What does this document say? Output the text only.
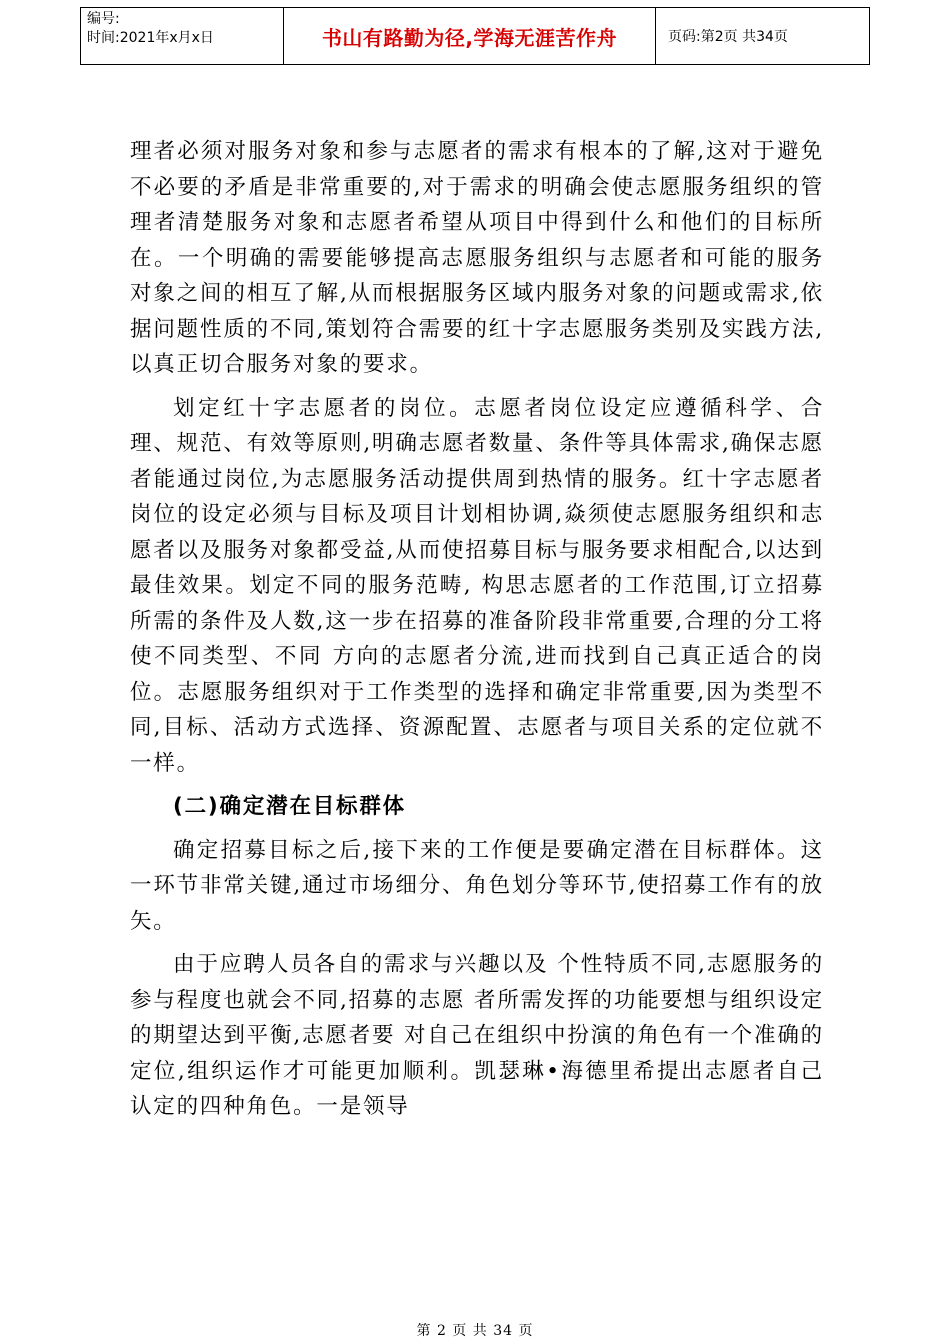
编号:
时间:2021年x月x日	书山有路勤为径,学海无涯苦作舟	页码:第2页 共34页

理者必须对服务对象和参与志愿者的需求有根本的了解,这对于避免不必要的矛盾是非常重要的,对于需求的明确会使志愿服务组织的管理者清楚服务对象和志愿者希望从项目中得到什么和他们的目标所在。一个明确的需要能够提高志愿服务组织与志愿者和可能的服务对象之间的相互了解,从而根据服务区域内服务对象的问题或需求,依据问题性质的不同,策划符合需要的红十字志愿服务类别及实践方法,以真正切合服务对象的要求。

划定红十字志愿者的岗位。志愿者岗位设定应遵循科学、合理、规范、有效等原则,明确志愿者数量、条件等具体需求,确保志愿者能通过岗位,为志愿服务活动提供周到热情的服务。红十字志愿者岗位的设定必须与目标及项目计划相协调,焱须使志愿服务组织和志愿者以及服务对象都受益,从而使招募目标与服务要求相配合,以达到最佳效果。划定不同的服务范畴, 构思志愿者的工作范围,订立招募所需的条件及人数,这一步在招募的准备阶段非常重要,合理的分工将使不同类型、不同 方向的志愿者分流,进而找到自己真正适合的岗位。志愿服务组织对于工作类型的选择和确定非常重要,因为类型不同,目标、活动方式选择、资源配置、志愿者与项目关系的定位就不一样。

(二)确定潜在目标群体

确定招募目标之后,接下来的工作便是要确定潜在目标群体。这一环节非常关键,通过市场细分、角色划分等环节,使招募工作有的放矢。

由于应聘人员各自的需求与兴趣以及 个性特质不同,志愿服务的参与程度也就会不同,招募的志愿 者所需发挥的功能要想与组织设定的期望达到平衡,志愿者要 对自己在组织中扮演的角色有一个准确的定位,组织运作才可能更加顺利。凯瑟琳•海德里希提出志愿者自己认定的四种角色。一是领导

第 2 页 共 34 页
